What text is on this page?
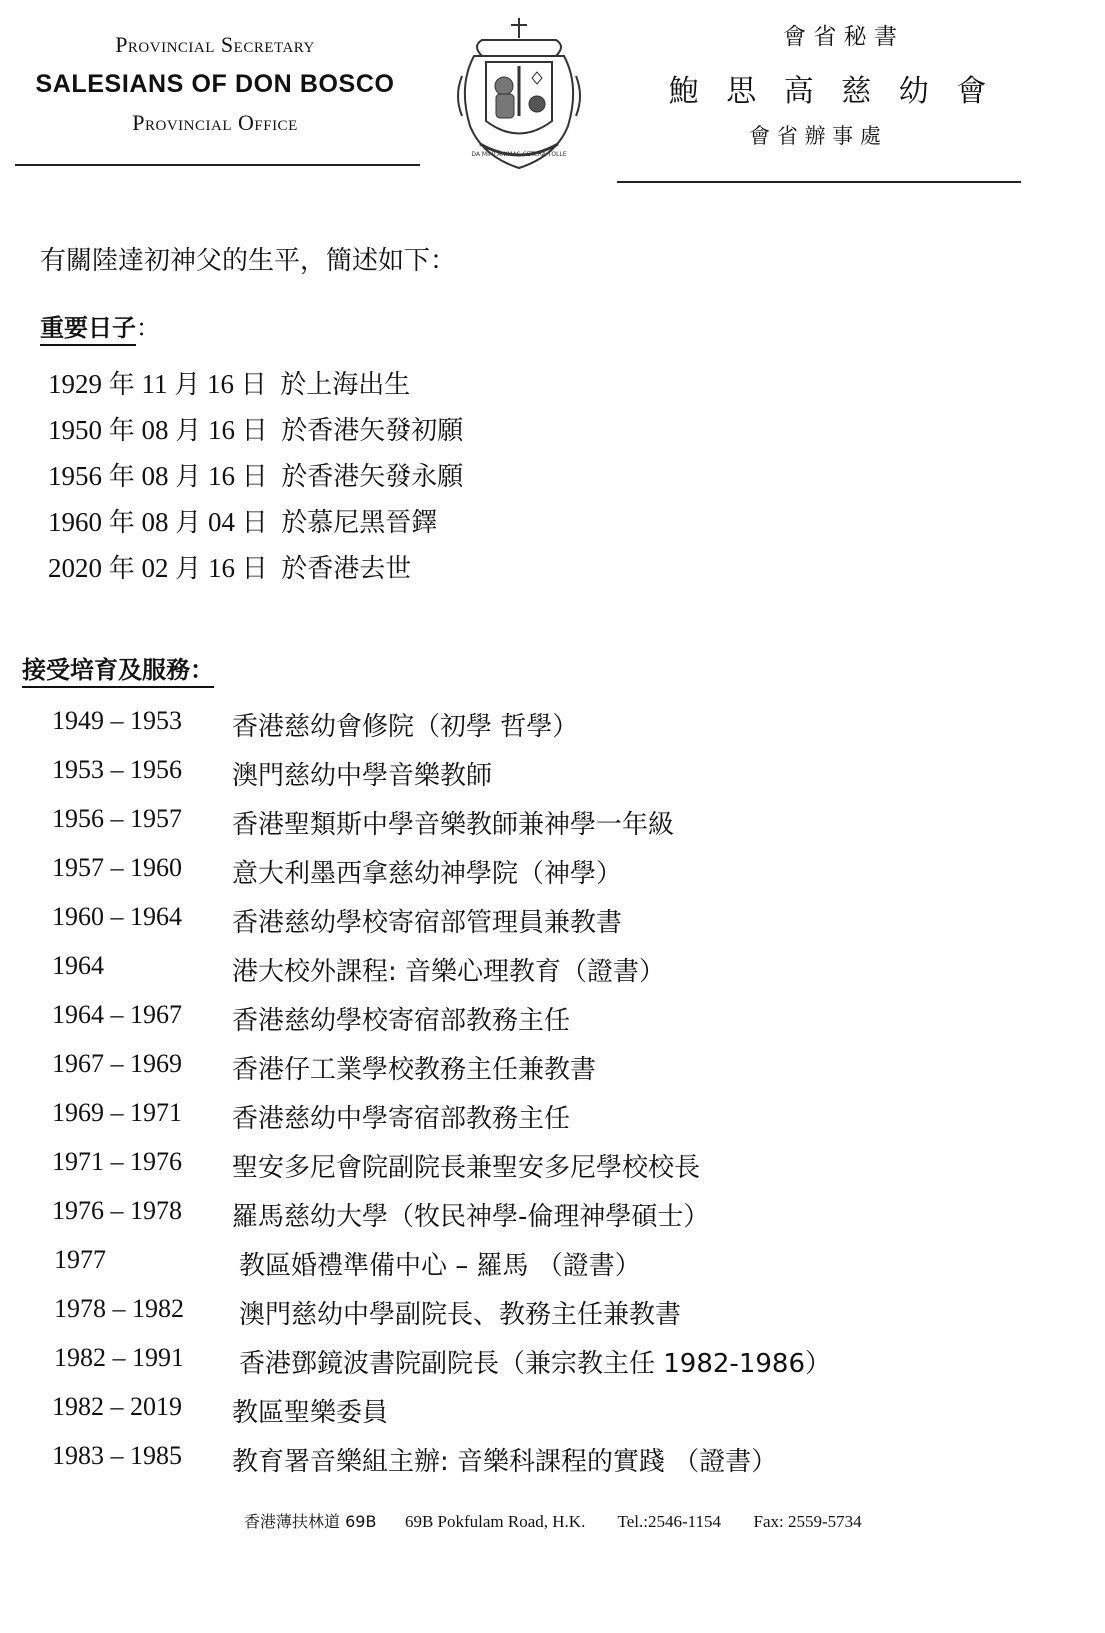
Provincial Secretary
SALESIANS OF DON BOSCO
Provincial Office
DA MIHI ANIMAS CETERA TOLLE
會 省 秘 書
鮑 思 高 慈 幼 會
會 省 辦 事 處
有關陸達初神父的生平，簡述如下：
重要日子：
1929 年 11 月 16 日 於上海出生
1950 年 08 月 16 日 於香港矢發初願
1956 年 08 月 16 日 於香港矢發永願
1960 年 08 月 04 日 於慕尼黑晉鐸
2020 年 02 月 16 日 於香港去世
接受培育及服務：
1949 – 1953 香港慈幼會修院（初學 哲學）
1953 – 1956 澳門慈幼中學音樂教師
1956 – 1957 香港聖類斯中學音樂教師兼神學一年級
1957 – 1960 意大利墨西拿慈幼神學院（神學）
1960 – 1964 香港慈幼學校寄宿部管理員兼教書
1964	港大校外課程: 音樂心理教育（證書）
1964 – 1967 香港慈幼學校寄宿部教務主任
1967 – 1969 香港仔工業學校教務主任兼教書
1969 – 1971 香港慈幼中學寄宿部教務主任
1971 – 1976 聖安多尼會院副院長兼聖安多尼學校校長
1976 – 1978 羅馬慈幼大學（牧民神學-倫理神學碩士）
1977	教區婚禮準備中心 – 羅馬 （證書）
1978 – 1982 澳門慈幼中學副院長、教務主任兼教書
1982 – 1991 香港鄧鏡波書院副院長（兼宗教主任 1982-1986）
1982 – 2019 教區聖樂委員
1983 – 1985 教育署音樂組主辦: 音樂科課程的實踐 （證書）
香港薄扶林道 69B 69B Pokfulam Road, H.K. Tel.:2546-1154 Fax: 2559-5734
